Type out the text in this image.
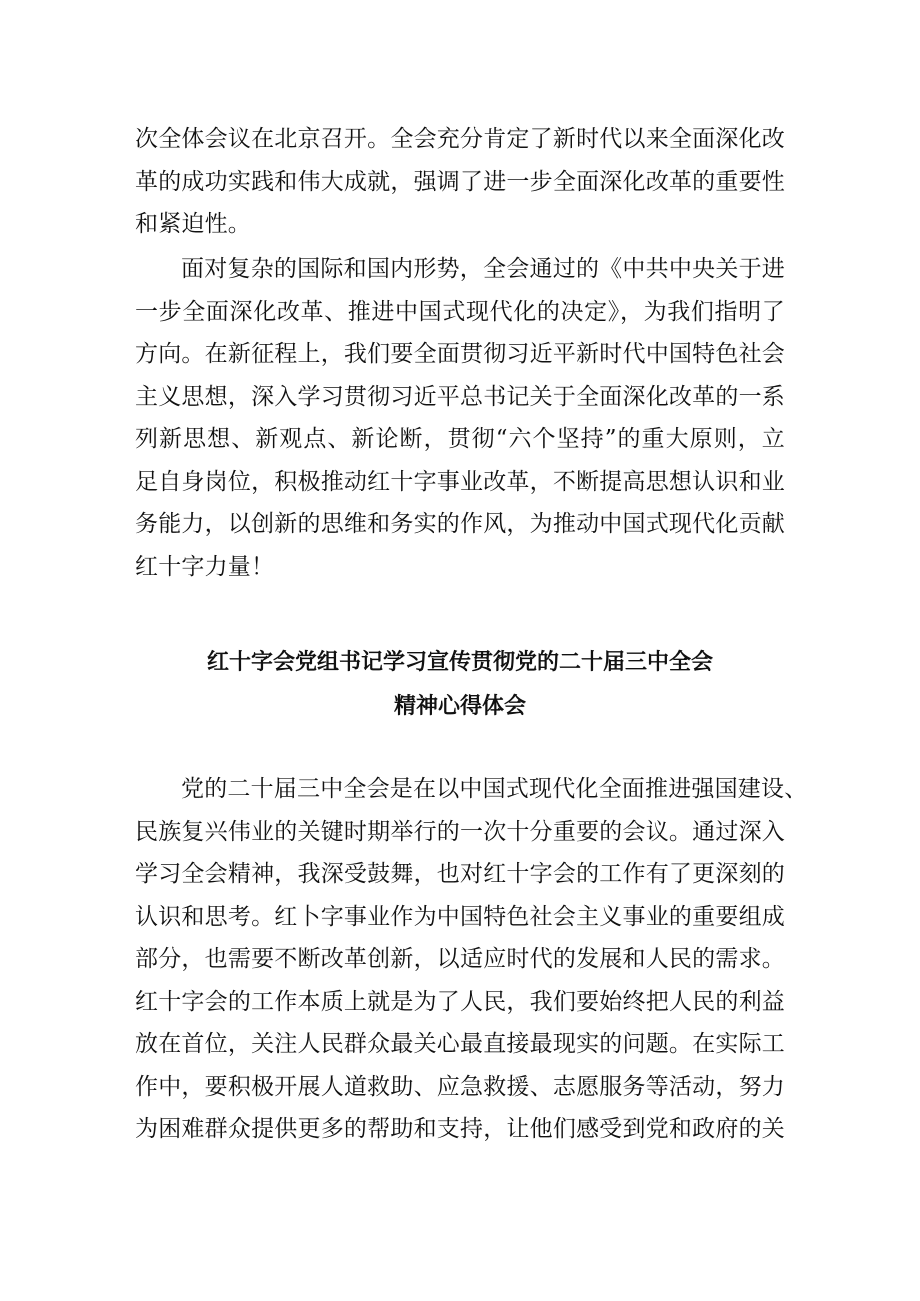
次全体会议在北京召开。全会充分肯定了新时代以来全面深化改
革的成功实践和伟大成就，强调了进一步全面深化改革的重要性
和紧迫性。
面对复杂的国际和国内形势，全会通过的《中共中央关于进
一步全面深化改革、推进中国式现代化的决定》，为我们指明了
方向。在新征程上，我们要全面贯彻习近平新时代中国特色社会
主义思想，深入学习贯彻习近平总书记关于全面深化改革的一系
列新思想、新观点、新论断，贯彻“六个坚持”的重大原则，立
足自身岗位，积极推动红十字事业改革，不断提高思想认识和业
务能力，以创新的思维和务实的作风，为推动中国式现代化贡献
红十字力量！
红十字会党组书记学习宣传贯彻党的二十届三中全会
精神心得体会
党的二十届三中全会是在以中国式现代化全面推进强国建设、
民族复兴伟业的关键时期举行的一次十分重要的会议。通过深入
学习全会精神，我深受鼓舞，也对红十字会的工作有了更深刻的
认识和思考。红卜字事业作为中国特色社会主义事业的重要组成
部分，也需要不断改革创新，以适应时代的发展和人民的需求。
红十字会的工作本质上就是为了人民，我们要始终把人民的利益
放在首位，关注人民群众最关心最直接最现实的问题。在实际工
作中，要积极开展人道救助、应急救援、志愿服务等活动，努力
为困难群众提供更多的帮助和支持，让他们感受到党和政府的关
